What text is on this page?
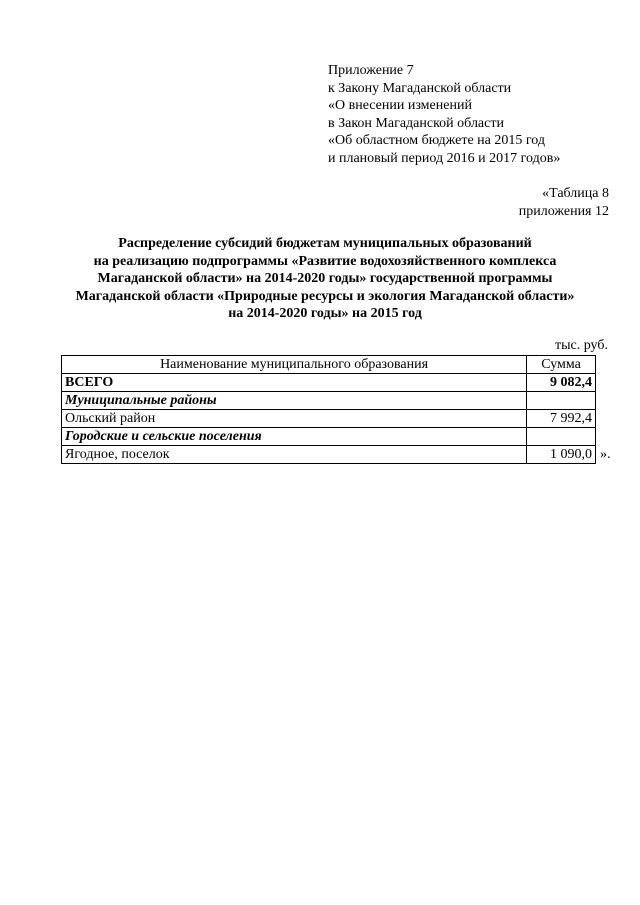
Приложение 7
к Закону Магаданской области
«О внесении изменений
в Закон Магаданской области
«Об областном бюджете на 2015 год
и плановый период 2016 и 2017 годов»
«Таблица 8
приложения 12
Распределение субсидий бюджетам муниципальных образований
на реализацию подпрограммы «Развитие водохозяйственного комплекса
Магаданской области» на 2014-2020 годы» государственной программы
Магаданской области «Природные ресурсы и экология Магаданской области»
на 2014-2020 годы» на 2015 год
тыс. руб.
Наименование муниципального образования	Сумма
ВСЕГО	9 082,4
Муниципальные районы	
Ольский район	7 992,4
Городские и сельские поселения	
Ягодное, поселок	1 090,0 ».
